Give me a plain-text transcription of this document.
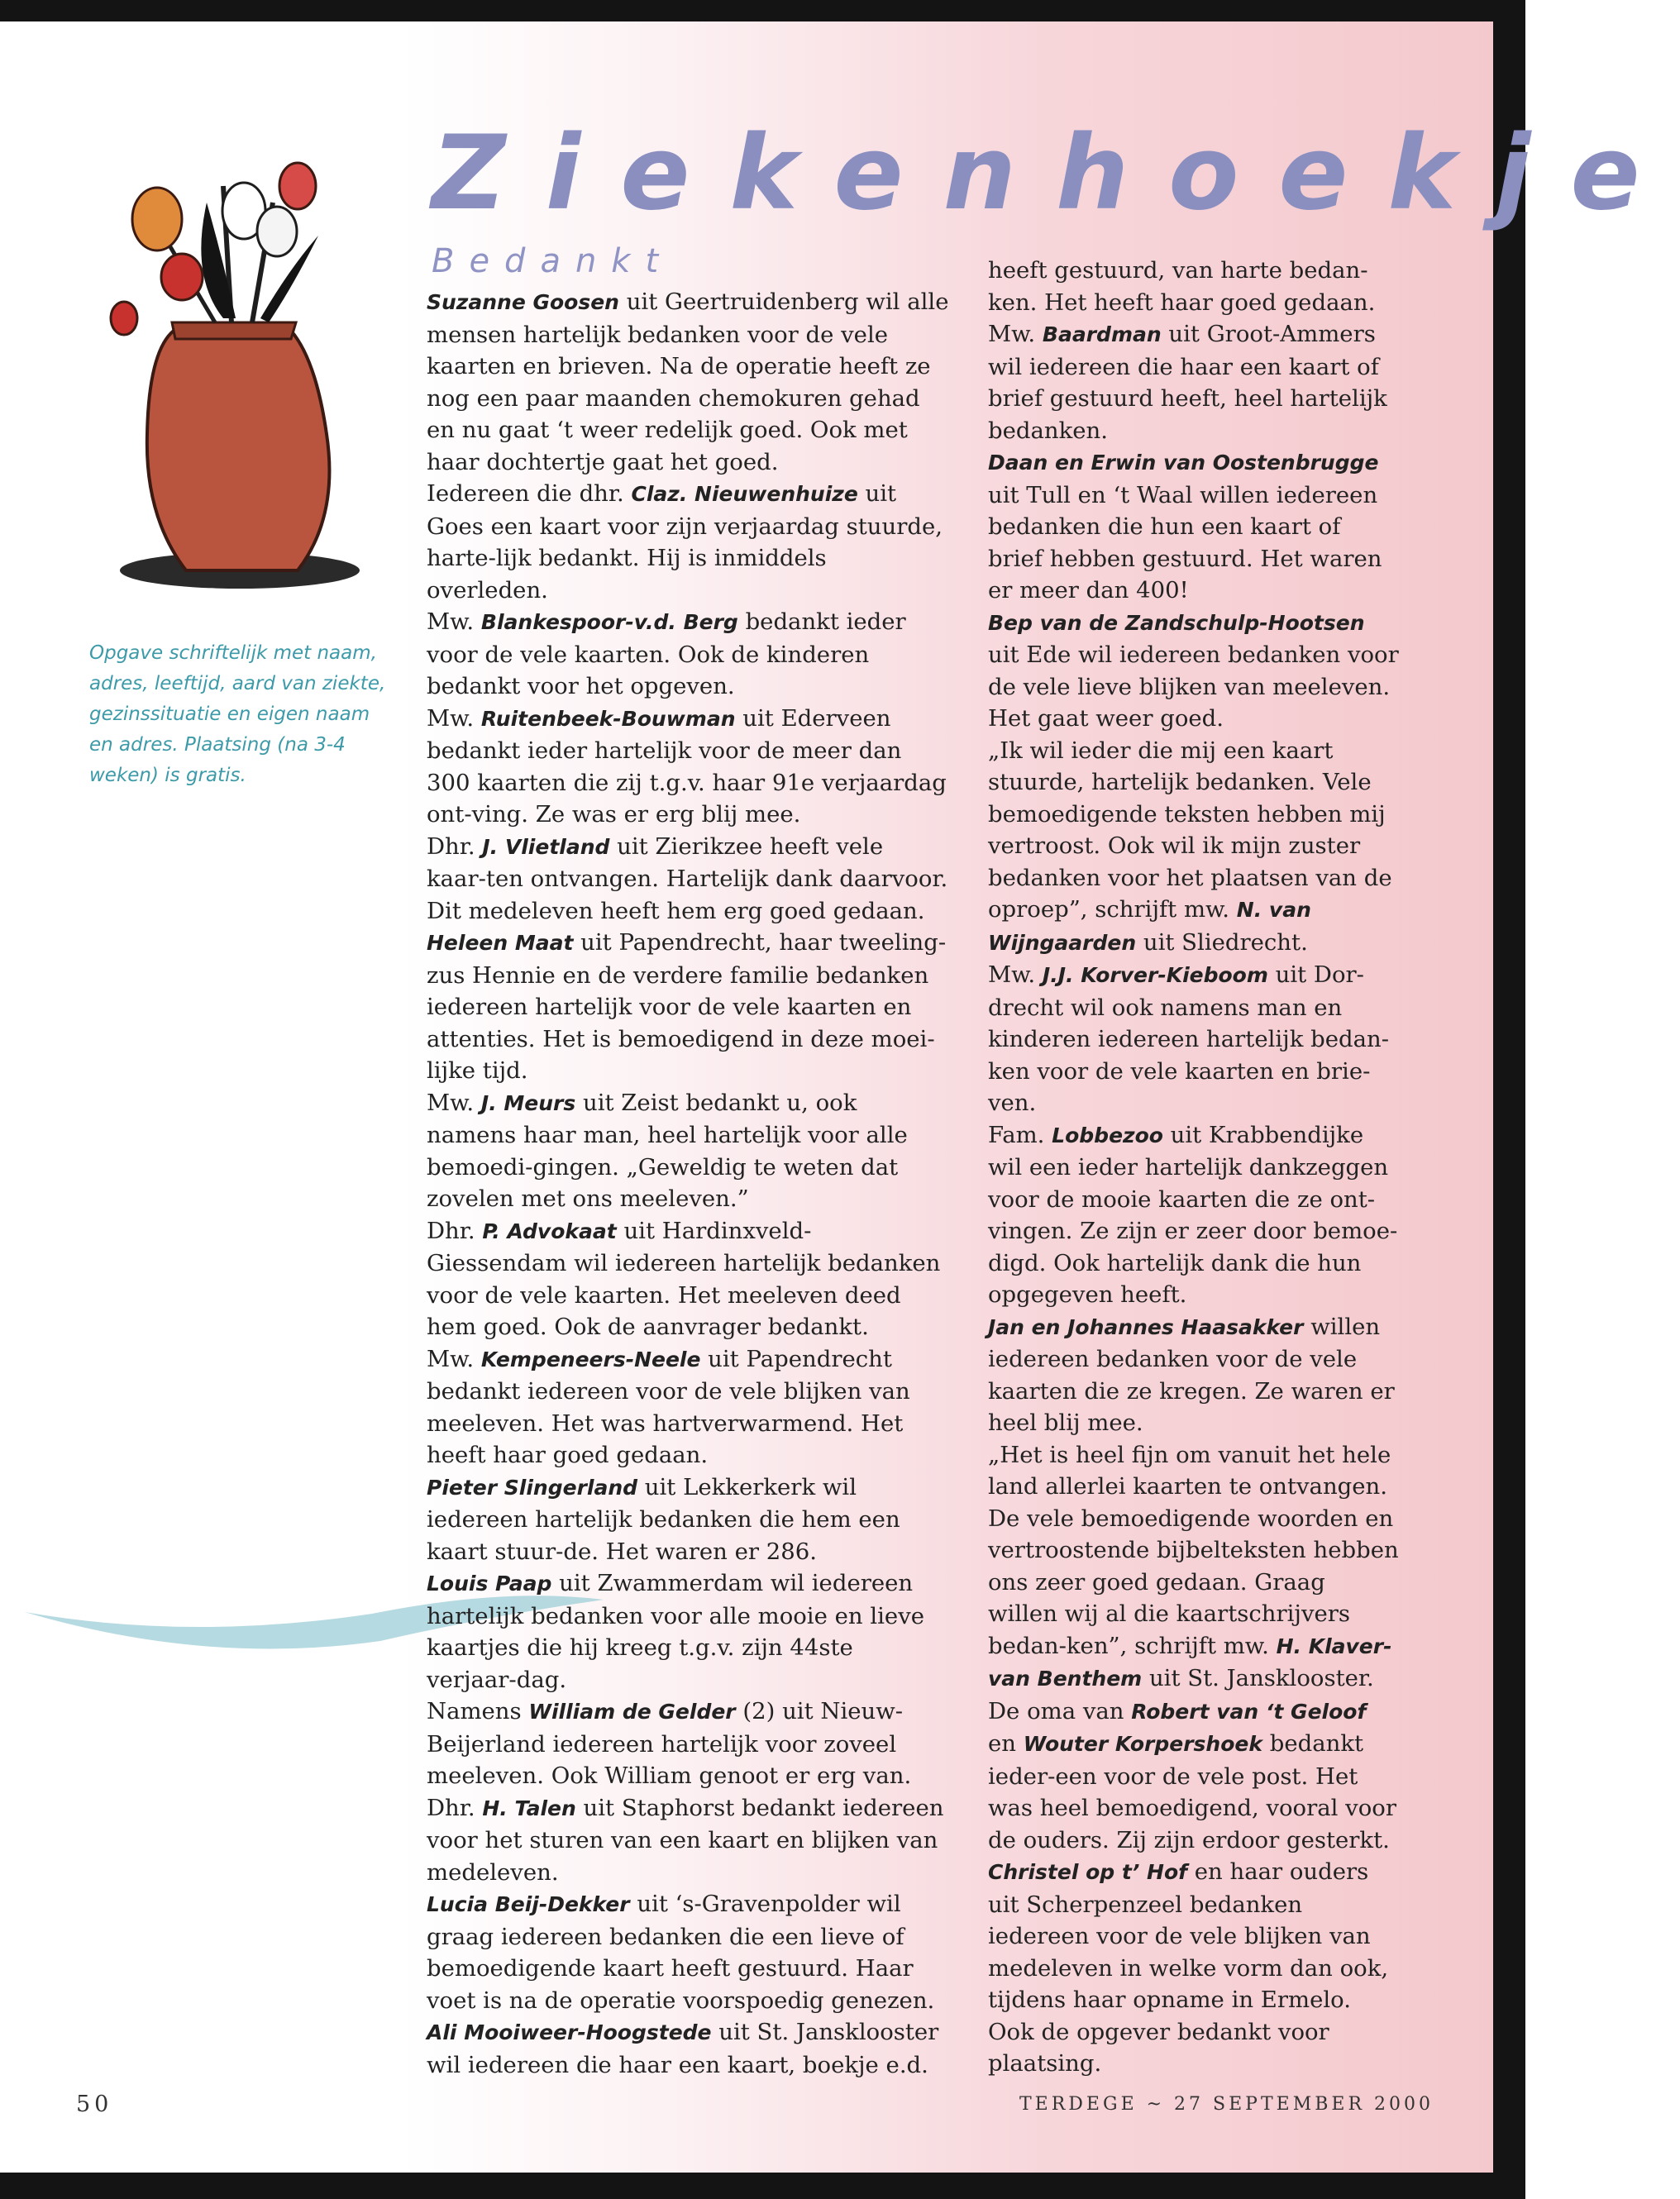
Ziekenhoekje
Bedankt

Opgave schriftelijk met naam, adres, leeftijd, aard van ziekte, gezinssituatie en eigen naam en adres. Plaatsing (na 3-4 weken) is gratis.

Suzanne Goosen uit Geertruidenberg wil alle mensen hartelijk bedanken voor de vele kaarten en brieven. Na de operatie heeft ze nog een paar maanden chemokuren gehad en nu gaat ‘t weer redelijk goed. Ook met haar dochtertje gaat het goed.

Iedereen die dhr. Claz. Nieuwenhuize uit Goes een kaart voor zijn verjaardag stuurde, harte-lijk bedankt. Hij is inmiddels overleden.

Mw. Blankespoor-v.d. Berg bedankt ieder voor de vele kaarten. Ook de kinderen bedankt voor het opgeven.

Mw. Ruitenbeek-Bouwman uit Ederveen bedankt ieder hartelijk voor de meer dan 300 kaarten die zij t.g.v. haar 91e verjaardag ont-ving. Ze was er erg blij mee.

Dhr. J. Vlietland uit Zierikzee heeft vele kaar-ten ontvangen. Hartelijk dank daarvoor. Dit medeleven heeft hem erg goed gedaan.

Heleen Maat uit Papendrecht, haar tweeling-zus Hennie en de verdere familie bedanken iedereen hartelijk voor de vele kaarten en attenties. Het is bemoedigend in deze moei-lijke tijd.

Mw. J. Meurs uit Zeist bedankt u, ook namens haar man, heel hartelijk voor alle bemoedi-gingen. „Geweldig te weten dat zovelen met ons meeleven.”

Dhr. P. Advokaat uit Hardinxveld-Giessendam wil iedereen hartelijk bedanken voor de vele kaarten. Het meeleven deed hem goed. Ook de aanvrager bedankt.

Mw. Kempeneers-Neele uit Papendrecht bedankt iedereen voor de vele blijken van meeleven. Het was hartverwarmend. Het heeft haar goed gedaan.

Pieter Slingerland uit Lekkerkerk wil iedereen hartelijk bedanken die hem een kaart stuur-de. Het waren er 286.

Louis Paap uit Zwammerdam wil iedereen hartelijk bedanken voor alle mooie en lieve kaartjes die hij kreeg t.g.v. zijn 44ste verjaar-dag.

Namens William de Gelder (2) uit Nieuw-Beijerland iedereen hartelijk voor zoveel meeleven. Ook William genoot er erg van.

Dhr. H. Talen uit Staphorst bedankt iedereen voor het sturen van een kaart en blijken van medeleven.

Lucia Beij-Dekker uit ‘s-Gravenpolder wil graag iedereen bedanken die een lieve of bemoedigende kaart heeft gestuurd. Haar voet is na de operatie voorspoedig genezen.

Ali Mooiweer-Hoogstede uit St. Jansklooster wil iedereen die haar een kaart, boekje e.d.

heeft gestuurd, van harte bedan-ken. Het heeft haar goed gedaan.

Mw. Baardman uit Groot-Ammers wil iedereen die haar een kaart of brief gestuurd heeft, heel hartelijk bedanken.

Daan en Erwin van Oostenbrugge uit Tull en ‘t Waal willen iedereen bedanken die hun een kaart of brief hebben gestuurd. Het waren er meer dan 400!

Bep van de Zandschulp-Hootsen uit Ede wil iedereen bedanken voor de vele lieve blijken van meeleven. Het gaat weer goed.

„Ik wil ieder die mij een kaart stuurde, hartelijk bedanken. Vele bemoedigende teksten hebben mij vertroost. Ook wil ik mijn zuster bedanken voor het plaatsen van de oproep”, schrijft mw. N. van Wijngaarden uit Sliedrecht.

Mw. J.J. Korver-Kieboom uit Dor-drecht wil ook namens man en kinderen iedereen hartelijk bedan-ken voor de vele kaarten en brie-ven.

Fam. Lobbezoo uit Krabbendijke wil een ieder hartelijk dankzeggen voor de mooie kaarten die ze ont-vingen. Ze zijn er zeer door bemoe-digd. Ook hartelijk dank die hun opgegeven heeft.

Jan en Johannes Haasakker willen iedereen bedanken voor de vele kaarten die ze kregen. Ze waren er heel blij mee.

„Het is heel fijn om vanuit het hele land allerlei kaarten te ontvangen. De vele bemoedigende woorden en vertroostende bijbelteksten hebben ons zeer goed gedaan. Graag willen wij al die kaartschrijvers bedan-ken”, schrijft mw. H. Klaver-van Benthem uit St. Jansklooster.

De oma van Robert van ‘t Geloof en Wouter Korpershoek bedankt ieder-een voor de vele post. Het was heel bemoedigend, vooral voor de ouders. Zij zijn erdoor gesterkt.

Christel op t’ Hof en haar ouders uit Scherpenzeel bedanken iedereen voor de vele blijken van medeleven in welke vorm dan ook, tijdens haar opname in Ermelo. Ook de opgever bedankt voor plaatsing.

50	TERDEGE ~ 27 SEPTEMBER 2000
